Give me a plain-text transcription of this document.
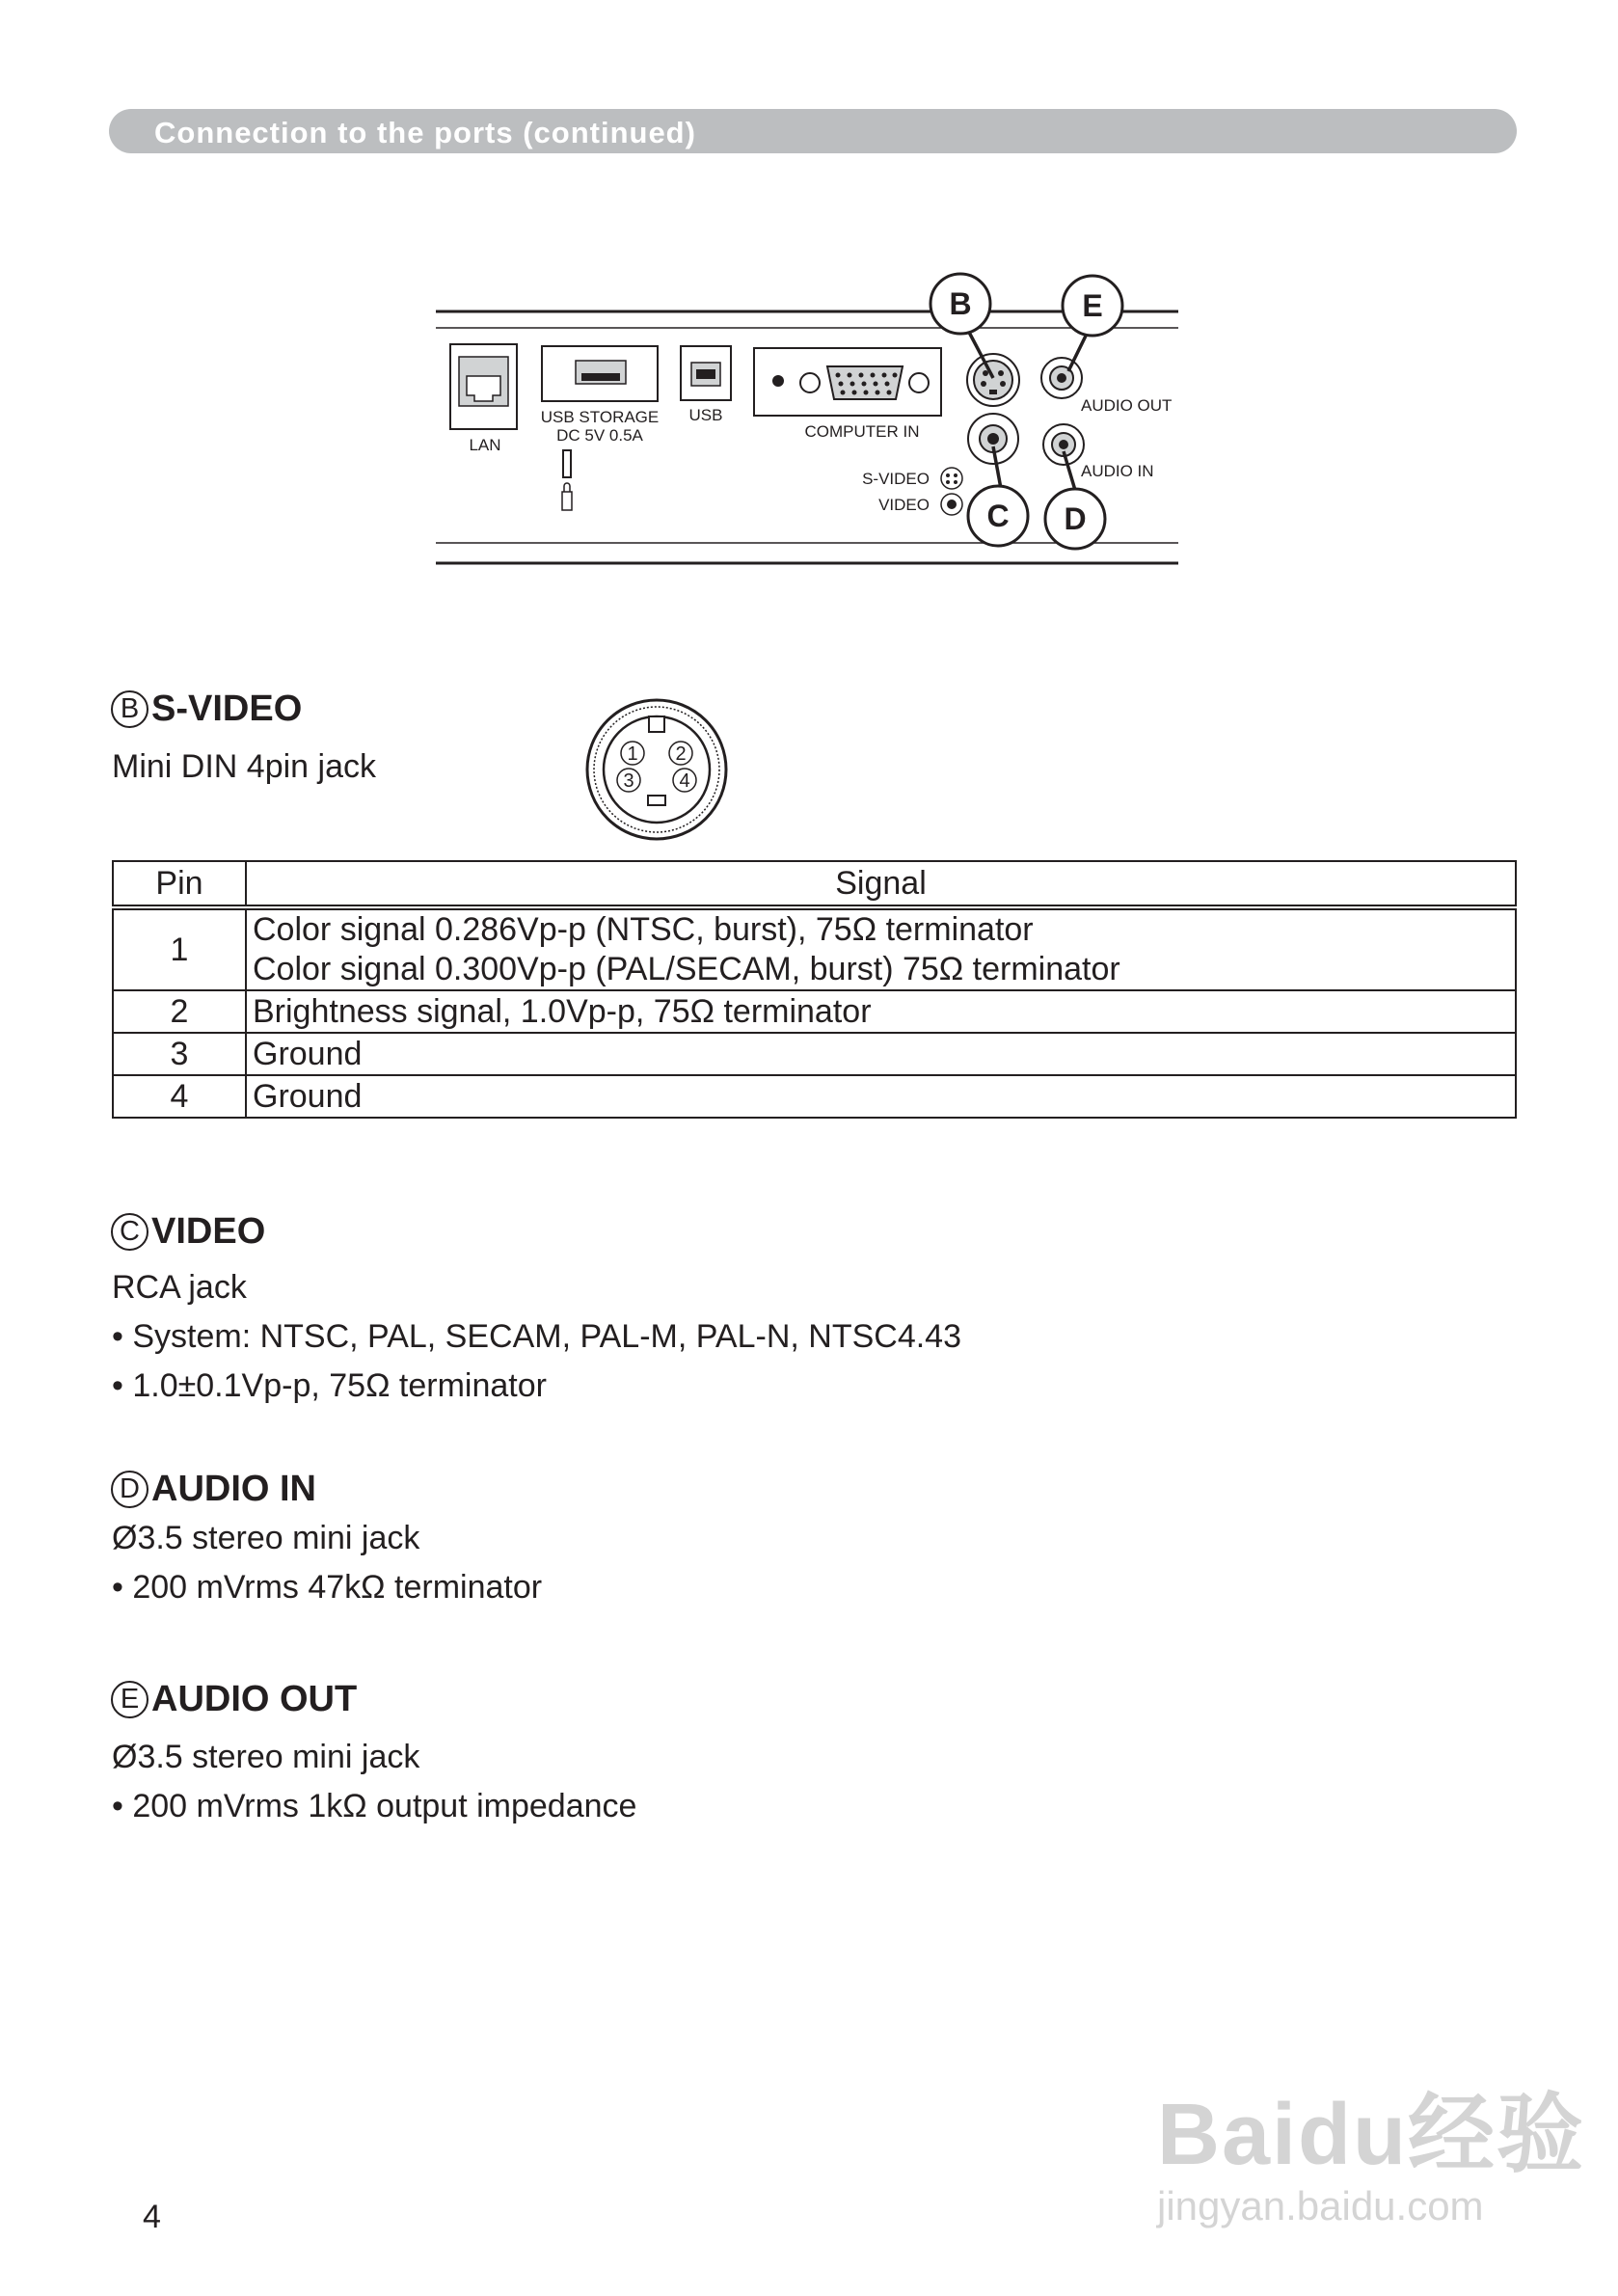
Connection to the ports (continued)
LAN
USB STORAGE
DC 5V 0.5A
USB
COMPUTER IN
S-VIDEO
VIDEO
AUDIO OUT
AUDIO IN
B	E
C D
B S-VIDEO
Mini DIN 4pin jack	1 2
3 4
Pin	Signal
1	Color signal 0.286Vp-p (NTSC, burst), 75Ω terminator
Color signal 0.300Vp-p (PAL/SECAM, burst) 75Ω terminator

2	Brightness signal, 1.0Vp-p, 75Ω terminator
3	Ground
4	Ground
C VIDEO
RCA jack
• System: NTSC, PAL, SECAM, PAL-M, PAL-N, NTSC4.43
• 1.0±0.1Vp-p, 75Ω terminator
D AUDIO IN
Ø3.5 stereo mini jack
• 200 mVrms 47kΩ terminator
E AUDIO OUT
Ø3.5 stereo mini jack
• 200 mVrms 1kΩ output impedance
4
Baidu经验
jingyan.baidu.com
